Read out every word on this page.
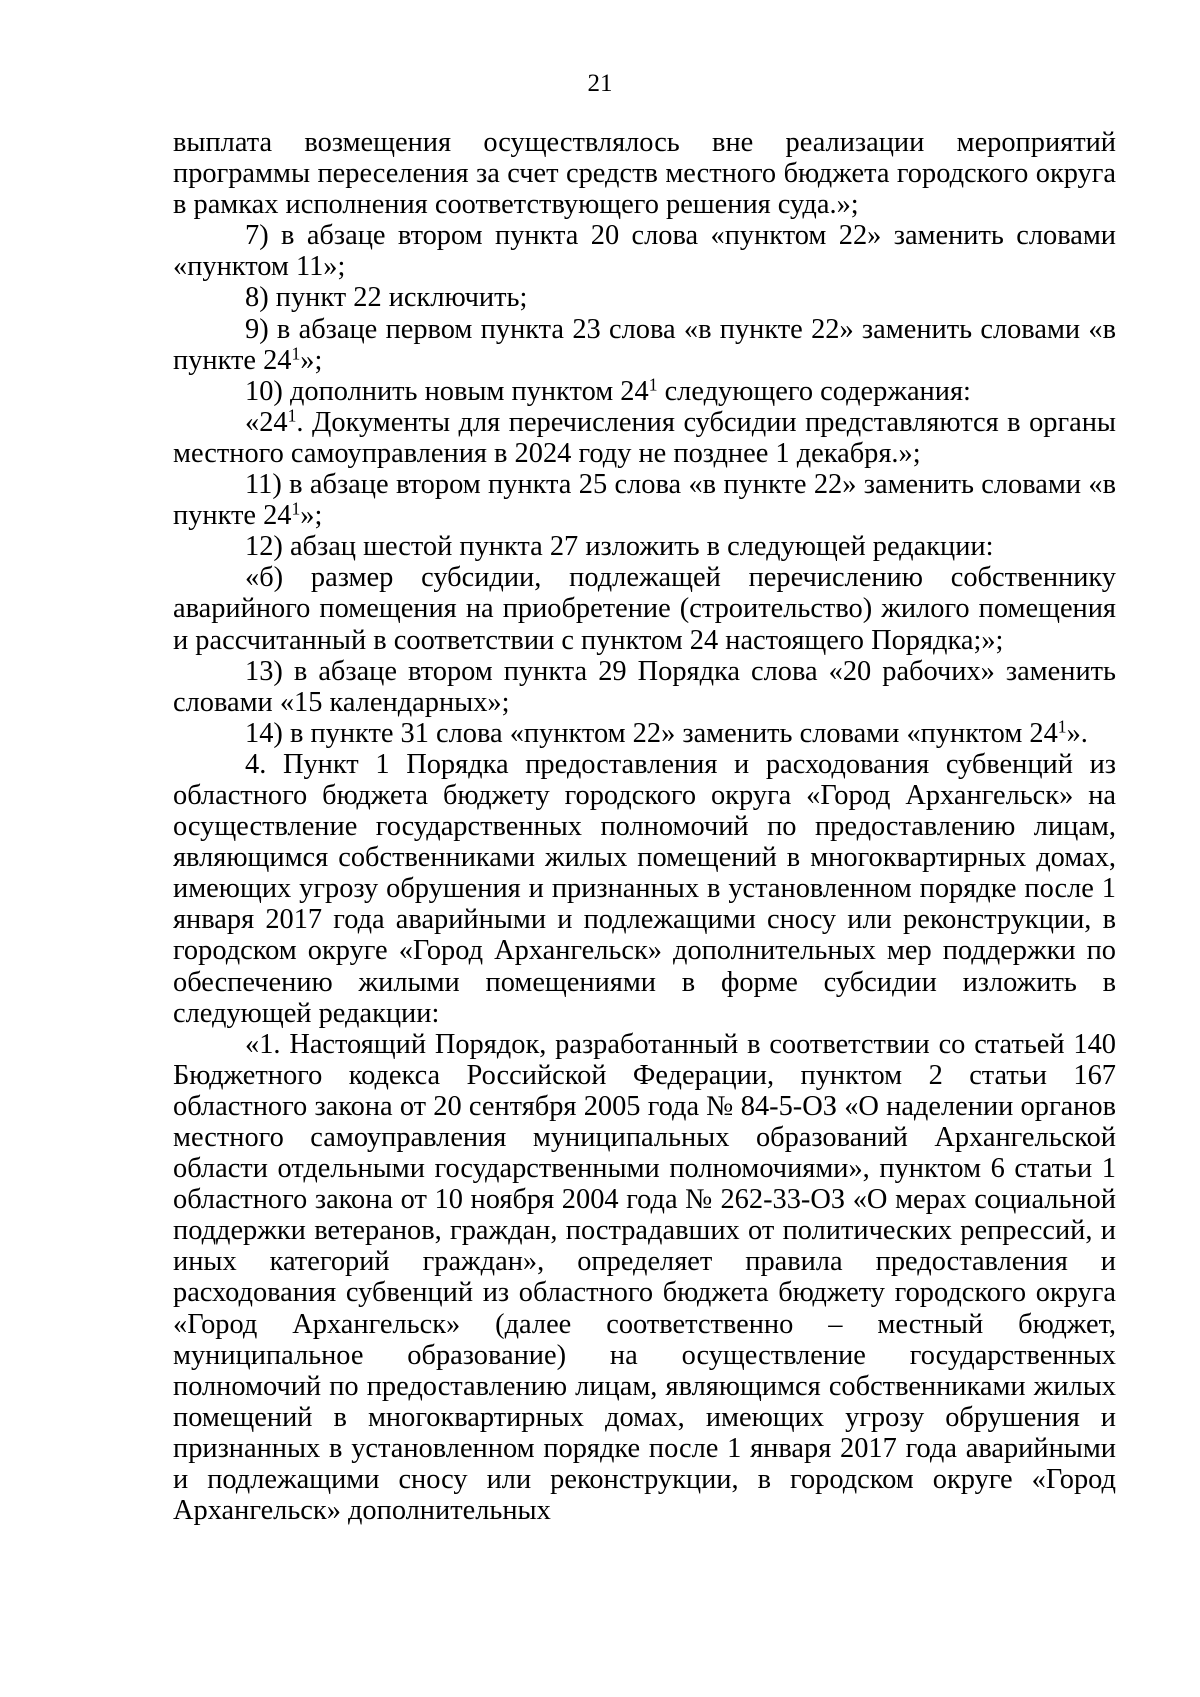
21

выплата возмещения осуществлялось вне реализации мероприятий программы переселения за счет средств местного бюджета городского округа в рамках исполнения соответствующего решения суда.»;

7) в абзаце втором пункта 20 слова «пунктом 22» заменить словами «пунктом 11»;

8) пункт 22 исключить;

9) в абзаце первом пункта 23 слова «в пункте 22» заменить словами «в пункте $24^1$»;

10) дополнить новым пунктом $24^1$ следующего содержания:

«$24^1$. Документы для перечисления субсидии представляются в органы местного самоуправления в 2024 году не позднее 1 декабря.»;

11) в абзаце втором пункта 25 слова «в пункте 22» заменить словами «в пункте $24^1$»;

12) абзац шестой пункта 27 изложить в следующей редакции:

«б) размер субсидии, подлежащей перечислению собственнику аварийного помещения на приобретение (строительство) жилого помещения и рассчитанный в соответствии с пунктом 24 настоящего Порядка;»;

13) в абзаце втором пункта 29 Порядка слова «20 рабочих» заменить словами «15 календарных»;

14) в пункте 31 слова «пунктом 22» заменить словами «пунктом $24^1$».

4. Пункт 1 Порядка предоставления и расходования субвенций из областного бюджета бюджету городского округа «Город Архангельск» на осуществление государственных полномочий по предоставлению лицам, являющимся собственниками жилых помещений в многоквартирных домах, имеющих угрозу обрушения и признанных в установленном порядке после 1 января 2017 года аварийными и подлежащими сносу или реконструкции, в городском округе «Город Архангельск» дополнительных мер поддержки по обеспечению жилыми помещениями в форме субсидии изложить в следующей редакции:

«1. Настоящий Порядок, разработанный в соответствии со статьей 140 Бюджетного кодекса Российской Федерации, пунктом 2 статьи 167 областного закона от 20 сентября 2005 года № 84-5-ОЗ «О наделении органов местного самоуправления муниципальных образований Архангельской области отдельными государственными полномочиями», пунктом 6 статьи 1 областного закона от 10 ноября 2004 года № 262-33-ОЗ «О мерах социальной поддержки ветеранов, граждан, пострадавших от политических репрессий, и иных категорий граждан», определяет правила предоставления и расходования субвенций из областного бюджета бюджету городского округа «Город Архангельск» (далее соответственно – местный бюджет, муниципальное образование) на осуществление государственных полномочий по предоставлению лицам, являющимся собственниками жилых помещений в многоквартирных домах, имеющих угрозу обрушения и признанных в установленном порядке после 1 января 2017 года аварийными и подлежащими сносу или реконструкции, в городском округе «Город Архангельск» дополнительных
